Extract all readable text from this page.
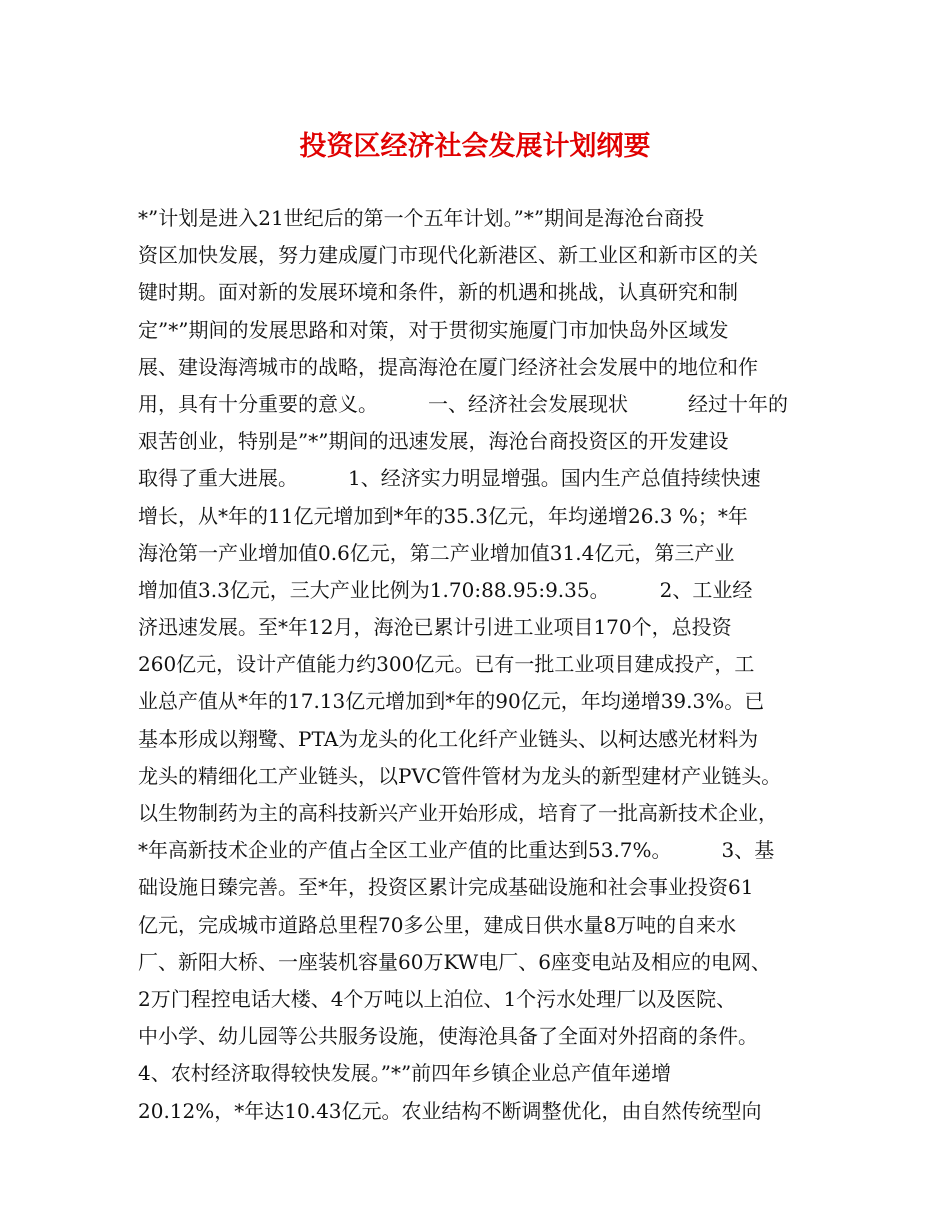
投资区经济社会发展计划纲要
*”计划是进入21世纪后的第一个五年计划。”*”期间是海沧台商投
资区加快发展，努力建成厦门市现代化新港区、新工业区和新市区的关
键时期。面对新的发展环境和条件，新的机遇和挑战，认真研究和制
定”*”期间的发展思路和对策，对于贯彻实施厦门市加快岛外区域发
展、建设海湾城市的战略，提高海沧在厦门经济社会发展中的地位和作
用，具有十分重要的意义。　　　一、经济社会发展现状　　　经过十年的
艰苦创业，特别是”*”期间的迅速发展，海沧台商投资区的开发建设
取得了重大进展。　　　1、经济实力明显增强。国内生产总值持续快速
增长，从*年的11亿元增加到*年的35.3亿元，年均递增26.3 %；*年
海沧第一产业增加值0.6亿元，第二产业增加值31.4亿元，第三产业
增加值3.3亿元，三大产业比例为1.70:88.95:9.35。　　　2、工业经
济迅速发展。至*年12月，海沧已累计引进工业项目170个，总投资
260亿元，设计产值能力约300亿元。已有一批工业项目建成投产，工
业总产值从*年的17.13亿元增加到*年的90亿元，年均递增39.3%。已
基本形成以翔鹭、PTA为龙头的化工化纤产业链头、以柯达感光材料为
龙头的精细化工产业链头，以PVC管件管材为龙头的新型建材产业链头。
以生物制药为主的高科技新兴产业开始形成，培育了一批高新技术企业，
*年高新技术企业的产值占全区工业产值的比重达到53.7%。　　　3、基
础设施日臻完善。至*年，投资区累计完成基础设施和社会事业投资61
亿元，完成城市道路总里程70多公里，建成日供水量8万吨的自来水
厂、新阳大桥、一座装机容量60万KW电厂、6座变电站及相应的电网、
2万门程控电话大楼、4个万吨以上泊位、1个污水处理厂以及医院、
中小学、幼儿园等公共服务设施，使海沧具备了全面对外招商的条件。
4、农村经济取得较快发展。”*”前四年乡镇企业总产值年递增
20.12%，*年达10.43亿元。农业结构不断调整优化，由自然传统型向
